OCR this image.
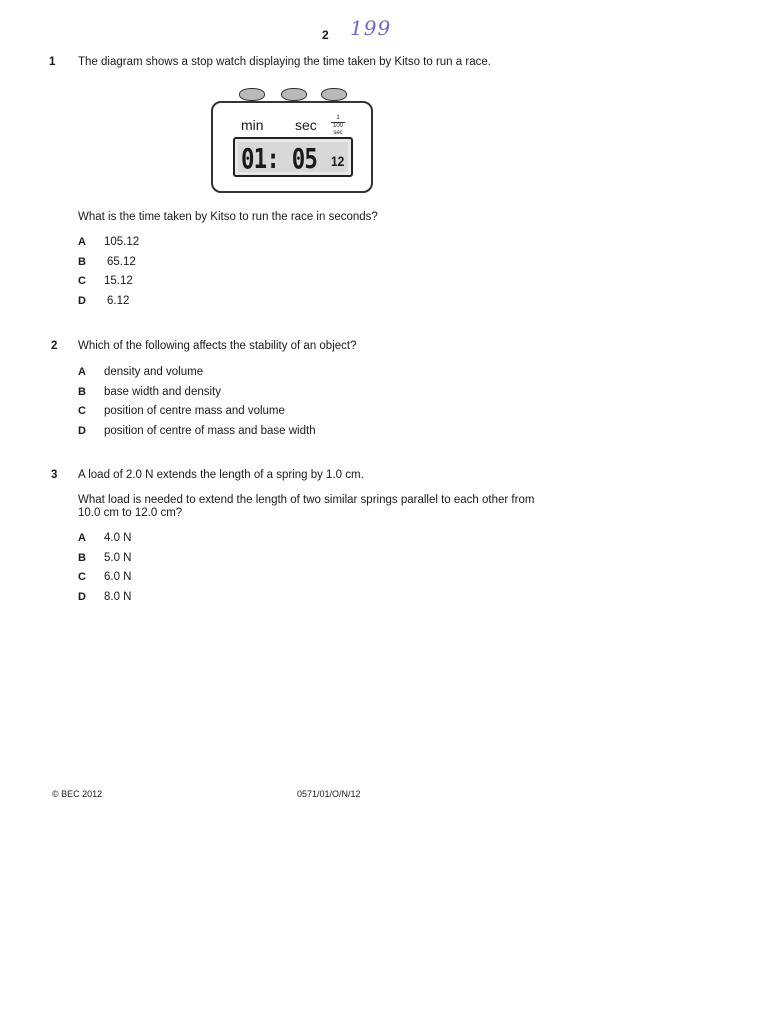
2 199
1 The diagram shows a stop watch displaying the time taken by Kitso to run a race.
min sec	1
100 sec
01: 05 12
What is the time taken by Kitso to run the race in seconds?
A	105.12
B	65.12
C	15.12
D	6.12
2 Which of the following affects the stability of an object?
A	density and volume
B	base width and density
C	position of centre mass and volume
D	position of centre of mass and base width
3 A load of 2.0 N extends the length of a spring by 1.0 cm.
What load is needed to extend the length of two similar springs parallel to each other from
10.0 cm to 12.0 cm?
A	4.0 N
B	5.0 N
C	6.0 N
D	8.0 N
© BEC 2012	0571/01/O/N/12
